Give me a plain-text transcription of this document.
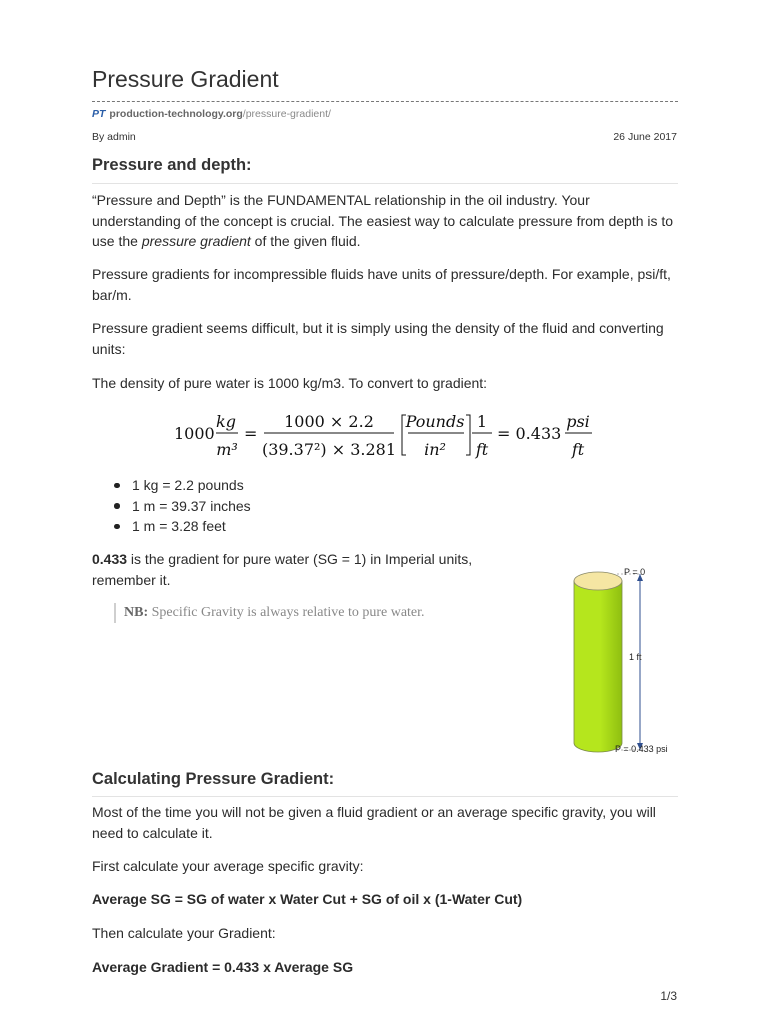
Pressure Gradient
PT production-technology.org/pressure-gradient/
By admin	26 June 2017
Pressure and depth:

“Pressure and Depth” is the FUNDAMENTAL relationship in the oil industry. Your understanding of the concept is crucial. The easiest way to calculate pressure from depth is to use the pressure gradient of the given fluid.

Pressure gradients for incompressible fluids have units of pressure/depth. For example, psi/ft, bar/m.

Pressure gradient seems difficult, but it is simply using the density of the fluid and converting units:

The density of pure water is 1000 kg/m3. To convert to gradient:

1000
kg
m³
=
1000 × 2.2
(39.37²) × 3.281
Pounds
in²
1
ft
= 0.433
psi
ft
1 kg = 2.2 pounds
1 m = 39.37 inches
1 m = 3.28 feet

0.433 is the gradient for pure water (SG = 1) in Imperial units, remember it.

NB: Specific Gravity is always relative to pure water.
P = 0
1 ft
P = 0.433 psi
Calculating Pressure Gradient:

Most of the time you will not be given a fluid gradient or an average specific gravity, you will need to calculate it.

First calculate your average specific gravity:

Average SG = SG of water x Water Cut + SG of oil x (1-Water Cut)

Then calculate your Gradient:

Average Gradient = 0.433 x Average SG

1/3
